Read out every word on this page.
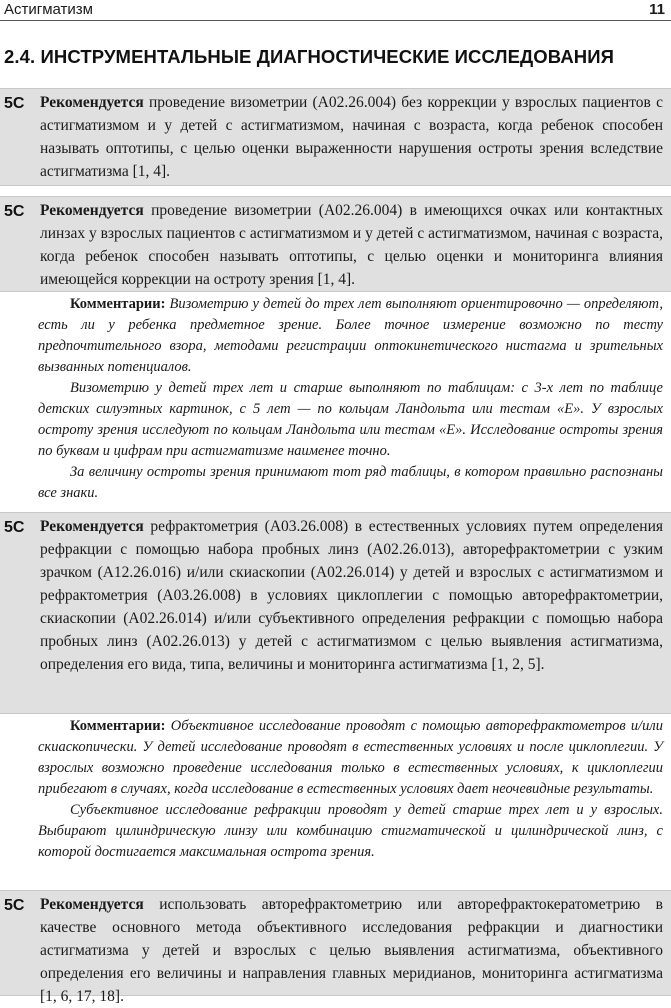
Астигматизм	11
2.4. ИНСТРУМЕНТАЛЬНЫЕ ДИАГНОСТИЧЕСКИЕ ИССЛЕДОВАНИЯ
5С Рекомендуется проведение визометрии (A02.26.004) без коррекции у взрослых пациентов с астигматизмом и у детей с астигматизмом, начиная с возраста, когда ребенок способен называть оптотипы, с целью оценки выраженности нарушения остроты зрения вследствие астигматизма [1, 4].
5С Рекомендуется проведение визометрии (A02.26.004) в имеющихся очках или контактных линзах у взрослых пациентов с астигматизмом и у детей с астигматизмом, начиная с возраста, когда ребенок способен называть оптотипы, с целью оценки и мониторинга влияния имеющейся коррекции на остроту зрения [1, 4].

Комментарии: Визометрию у детей до трех лет выполняют ориентировочно — определяют, есть ли у ребенка предметное зрение. Более точное измерение возможно по тесту предпочтительного взора, методами регистрации оптокинетического нистагма и зрительных вызванных потенциалов.

Визометрию у детей трех лет и старше выполняют по таблицам: с 3-х лет по таблице детских силуэтных картинок, с 5 лет — по кольцам Ландольта или тестам «Е». У взрослых остроту зрения исследуют по кольцам Ландольта или тестам «Е». Исследование остроты зрения по буквам и цифрам при астигматизме наименее точно.

За величину остроты зрения принимают тот ряд таблицы, в котором правильно распознаны все знаки.

5С Рекомендуется рефрактометрия (A03.26.008) в естественных условиях путем определения рефракции с помощью набора пробных линз (A02.26.013), авторефрактометрии с узким зрачком (A12.26.016) и/или скиаскопии (A02.26.014) у детей и взрослых с астигматизмом и рефрактометрия (A03.26.008) в условиях циклоплегии с помощью авторефрактометрии, скиаскопии (A02.26.014) и/или субъективного определения рефракции с помощью набора пробных линз (A02.26.013) у детей с астигматизмом с целью выявления астигматизма, определения его вида, типа, величины и мониторинга астигматизма [1, 2, 5].

Комментарии: Объективное исследование проводят с помощью авторефрактометров и/или скиаскопически. У детей исследование проводят в естественных условиях и после циклоплегии. У взрослых возможно проведение исследования только в естественных условиях, к циклоплегии прибегают в случаях, когда исследование в естественных условиях дает неочевидные результаты.

Субъективное исследование рефракции проводят у детей старше трех лет и у взрослых. Выбирают цилиндрическую линзу или комбинацию стигматической и цилиндрической линз, с которой достигается максимальная острота зрения.

5С Рекомендуется использовать авторефрактометрию или авторефрактокератометрию в качестве основного метода объективного исследования рефракции и диагностики астигматизма у детей и взрослых с целью выявления астигматизма, объективного определения его величины и направления главных меридианов, мониторинга астигматизма [1, 6, 17, 18].
